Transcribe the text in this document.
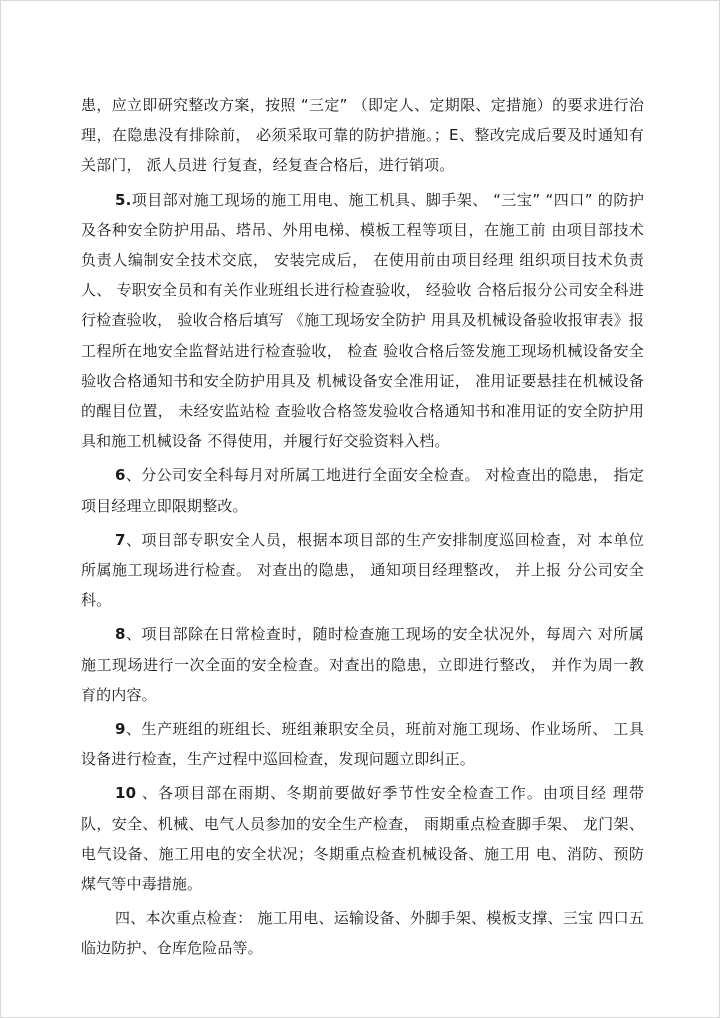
患，应立即研究整改方案，按照 “三定” （即定人、定期限、定措施）的要求进行治理，在隐患没有排除前， 必须采取可靠的防护措施。；E、整改完成后要及时通知有关部门， 派人员进 行复查，经复查合格后，进行销项。

5.项目部对施工现场的施工用电、施工机具、脚手架、 “三宝” “四口” 的防护及各种安全防护用品、塔吊、外用电梯、模板工程等项目，在施工前 由项目部技术负责人编制安全技术交底， 安装完成后， 在使用前由项目经理 组织项目技术负责人、 专职安全员和有关作业班组长进行检查验收， 经验收 合格后报分公司安全科进行检查验收， 验收合格后填写 《施工现场安全防护 用具及机械设备验收报审表》报工程所在地安全监督站进行检查验收， 检查 验收合格后签发施工现场机械设备安全验收合格通知书和安全防护用具及 机械设备安全准用证， 准用证要悬挂在机械设备的醒目位置， 未经安监站检 查验收合格签发验收合格通知书和准用证的安全防护用具和施工机械设备 不得使用，并履行好交验资料入档。

6、分公司安全科每月对所属工地进行全面安全检查。 对检查出的隐患， 指定项目经理立即限期整改。

7、项目部专职安全人员，根据本项目部的生产安排制度巡回检查，对 本单位所属施工现场进行检查。 对查出的隐患， 通知项目经理整改， 并上报 分公司安全科。

8、项目部除在日常检查时，随时检查施工现场的安全状况外，每周六 对所属施工现场进行一次全面的安全检查。对查出的隐患，立即进行整改， 并作为周一教育的内容。

9、生产班组的班组长、班组兼职安全员，班前对施工现场、作业场所、 工具设备进行检查，生产过程中巡回检查，发现问题立即纠正。

10 、各项目部在雨期、冬期前要做好季节性安全检查工作。由项目经 理带队，安全、机械、电气人员参加的安全生产检查， 雨期重点检查脚手架、 龙门架、电气设备、施工用电的安全状况；冬期重点检查机械设备、施工用 电、消防、预防煤气等中毒措施。

四、本次重点检查： 施工用电、运输设备、外脚手架、模板支撑、三宝 四口五临边防护、仓库危险品等。
